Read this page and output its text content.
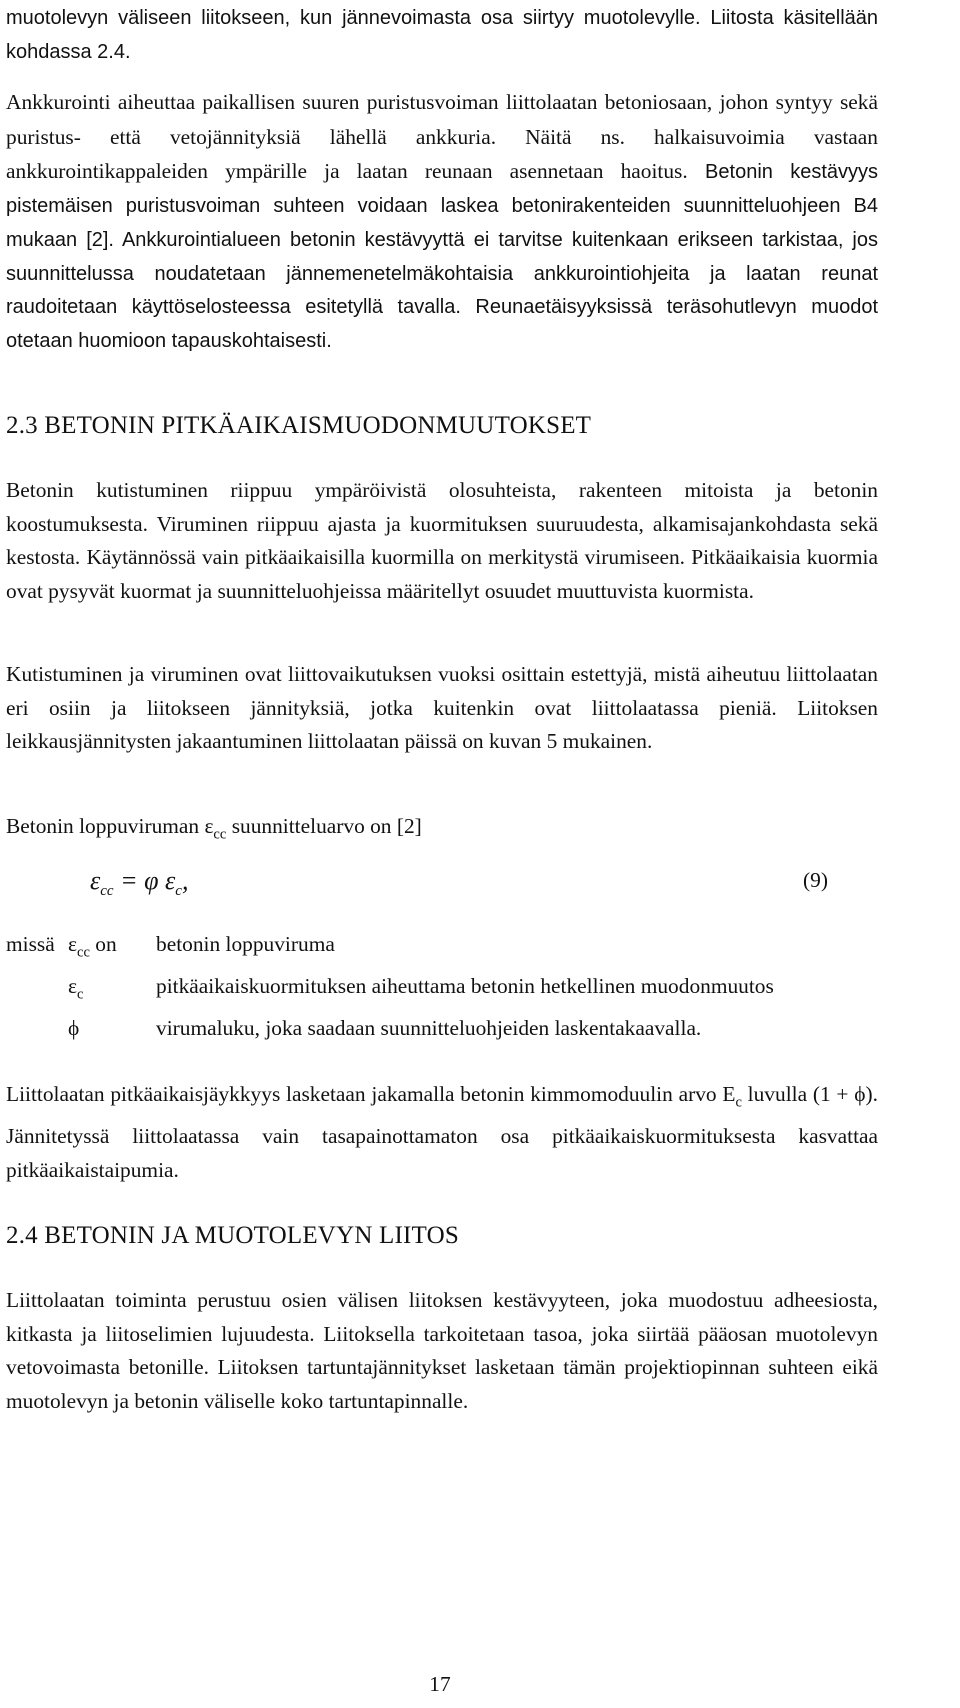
muotolevyn väliseen liitokseen, kun jännevoimasta osa siirtyy muotolevylle. Liitosta käsitellään kohdassa 2.4.

Ankkurointi aiheuttaa paikallisen suuren puristusvoiman liittolaatan betoniosaan, johon syntyy sekä puristus- että vetojännityksiä lähellä ankkuria. Näitä ns. halkaisuvoimia vastaan ankkurointikappaleiden ympärille ja laatan reunaan asennetaan haoitus. Betonin kestävyys pistemäisen puristusvoiman suhteen voidaan laskea betonirakenteiden suunnitteluohjeen B4 mukaan [2]. Ankkurointialueen betonin kestävyyttä ei tarvitse kuitenkaan erikseen tarkistaa, jos suunnittelussa noudatetaan jännemenetelmäkohtaisia ankkurointiohjeita ja laatan reunat raudoitetaan käyttöselosteessa esitetyllä tavalla. Reunaetäisyyksissä teräsohutlevyn muodot otetaan huomioon tapauskohtaisesti.

2.3 BETONIN PITKÄAIKAISMUODONMUUTOKSET

Betonin kutistuminen riippuu ympäröivistä olosuhteista, rakenteen mitoista ja betonin koostumuksesta. Viruminen riippuu ajasta ja kuormituksen suuruudesta, alkamisajankohdasta sekä kestosta. Käytännössä vain pitkäaikaisilla kuormilla on merkitystä virumiseen. Pitkäaikaisia kuormia ovat pysyvät kuormat ja suunnitteluohjeissa määritellyt osuudet muuttuvista kuormista.

Kutistuminen ja viruminen ovat liittovaikutuksen vuoksi osittain estettyjä, mistä aiheutuu liittolaatan eri osiin ja liitokseen jännityksiä, jotka kuitenkin ovat liittolaatassa pieniä. Liitoksen leikkausjännitysten jakaantuminen liittolaatan päissä on kuvan 5 mukainen.

Betonin loppuviruman $\varepsilon_{cc}$ suunnitteluarvo on [2]

$\varepsilon_{cc} = \varphi$ $\varepsilon_c$,	(9)
missä $\varepsilon_{cc}$ on	betonin loppuviruma
$\varepsilon_c$	pitkäaikaiskuormituksen aiheuttama betonin hetkellinen muodonmuutos
ϕ	virumaluku, joka saadaan suunnitteluohjeiden laskentakaavalla.

Liittolaatan pitkäaikaisjäykkyys lasketaan jakamalla betonin kimmomoduulin arvo $E_c$ luvulla (1 + ϕ). Jännitetyssä liittolaatassa vain tasapainottamaton osa pitkäaikaiskuormituksesta kasvattaa pitkäaikaistaipumia.

2.4 BETONIN JA MUOTOLEVYN LIITOS

Liittolaatan toiminta perustuu osien välisen liitoksen kestävyyteen, joka muodostuu adheesiosta, kitkasta ja liitoselimien lujuudesta. Liitoksella tarkoitetaan tasoa, joka siirtää pääosan muotolevyn vetovoimasta betonille. Liitoksen tartuntajännitykset lasketaan tämän projektiopinnan suhteen eikä muotolevyn ja betonin väliselle koko tartuntapinnalle.

17
